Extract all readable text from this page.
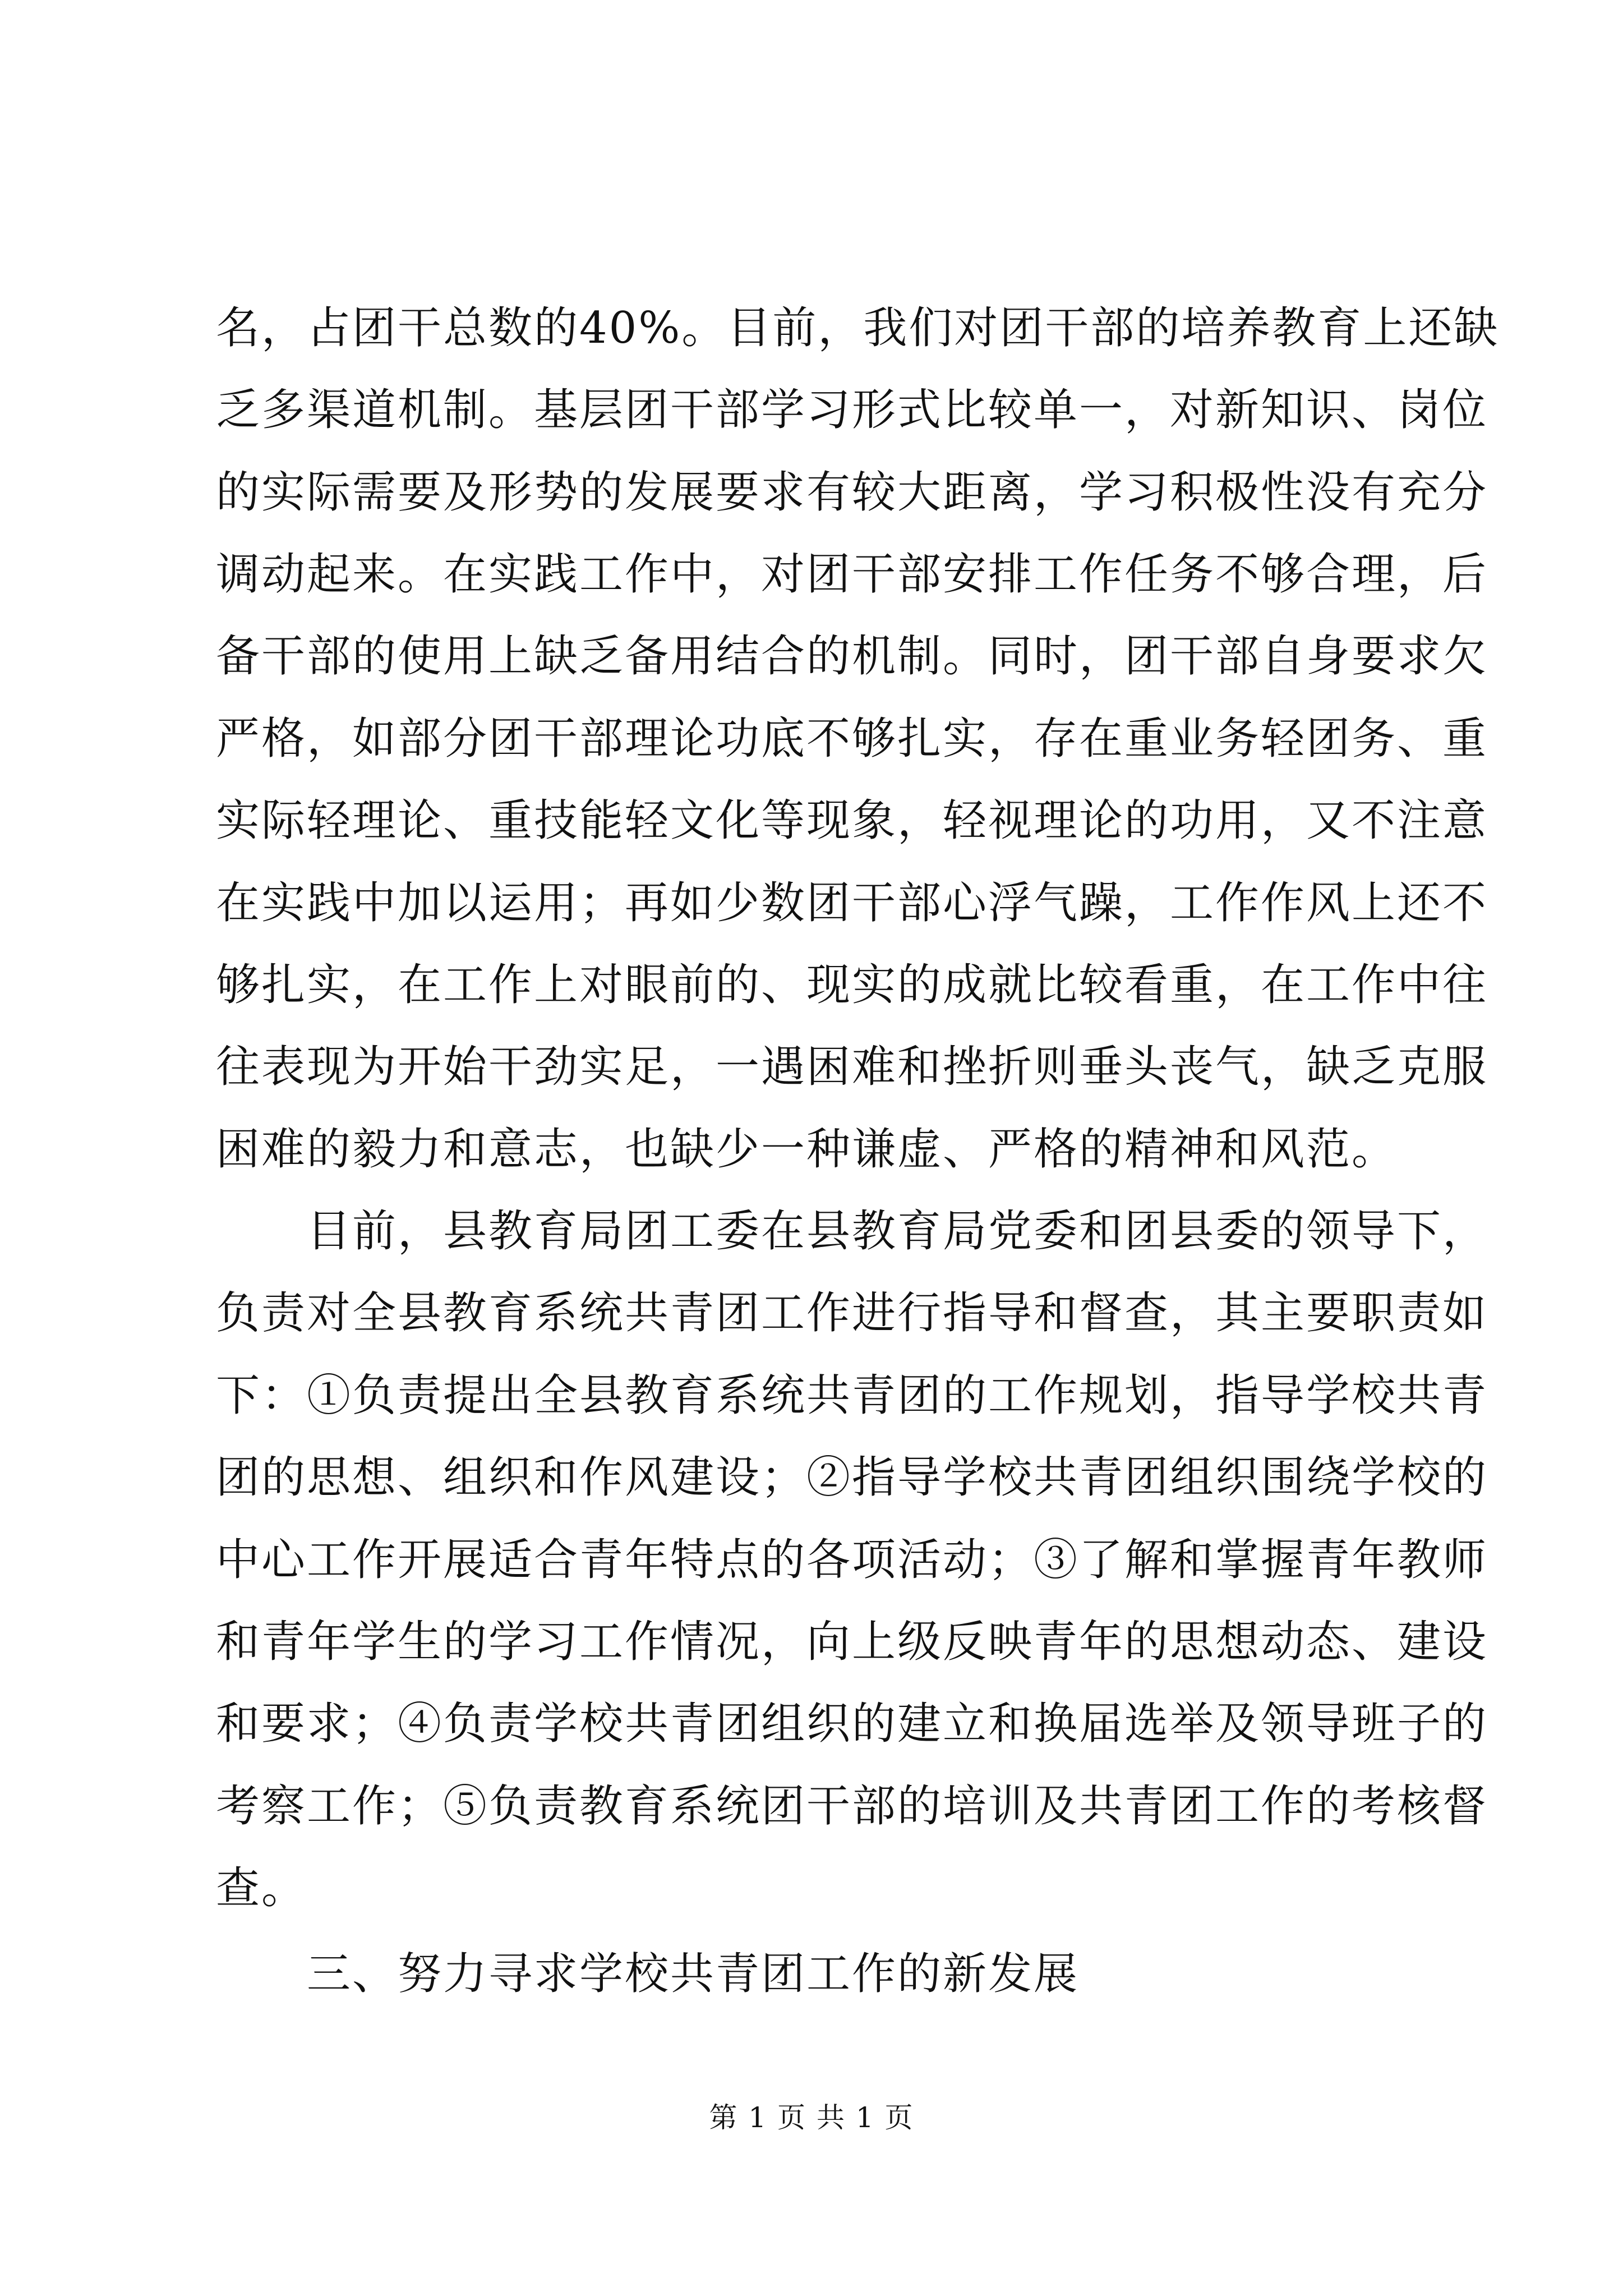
名，占团干总数的40%。目前，我们对团干部的培养教育上还缺
乏多渠道机制。基层团干部学习形式比较单一，对新知识、岗位
的实际需要及形势的发展要求有较大距离，学习积极性没有充分
调动起来。在实践工作中，对团干部安排工作任务不够合理，后
备干部的使用上缺乏备用结合的机制。同时，团干部自身要求欠
严格，如部分团干部理论功底不够扎实，存在重业务轻团务、重
实际轻理论、重技能轻文化等现象，轻视理论的功用，又不注意
在实践中加以运用；再如少数团干部心浮气躁，工作作风上还不
够扎实，在工作上对眼前的、现实的成就比较看重，在工作中往
往表现为开始干劲实足，一遇困难和挫折则垂头丧气，缺乏克服
困难的毅力和意志，也缺少一种谦虚、严格的精神和风范。
　　目前，县教育局团工委在县教育局党委和团县委的领导下，
负责对全县教育系统共青团工作进行指导和督查，其主要职责如
下：①负责提出全县教育系统共青团的工作规划，指导学校共青
团的思想、组织和作风建设；②指导学校共青团组织围绕学校的
中心工作开展适合青年特点的各项活动；③了解和掌握青年教师
和青年学生的学习工作情况，向上级反映青年的思想动态、建设
和要求；④负责学校共青团组织的建立和换届选举及领导班子的
考察工作；⑤负责教育系统团干部的培训及共青团工作的考核督
查。
　　三、努力寻求学校共青团工作的新发展
第 1 页 共 1 页
